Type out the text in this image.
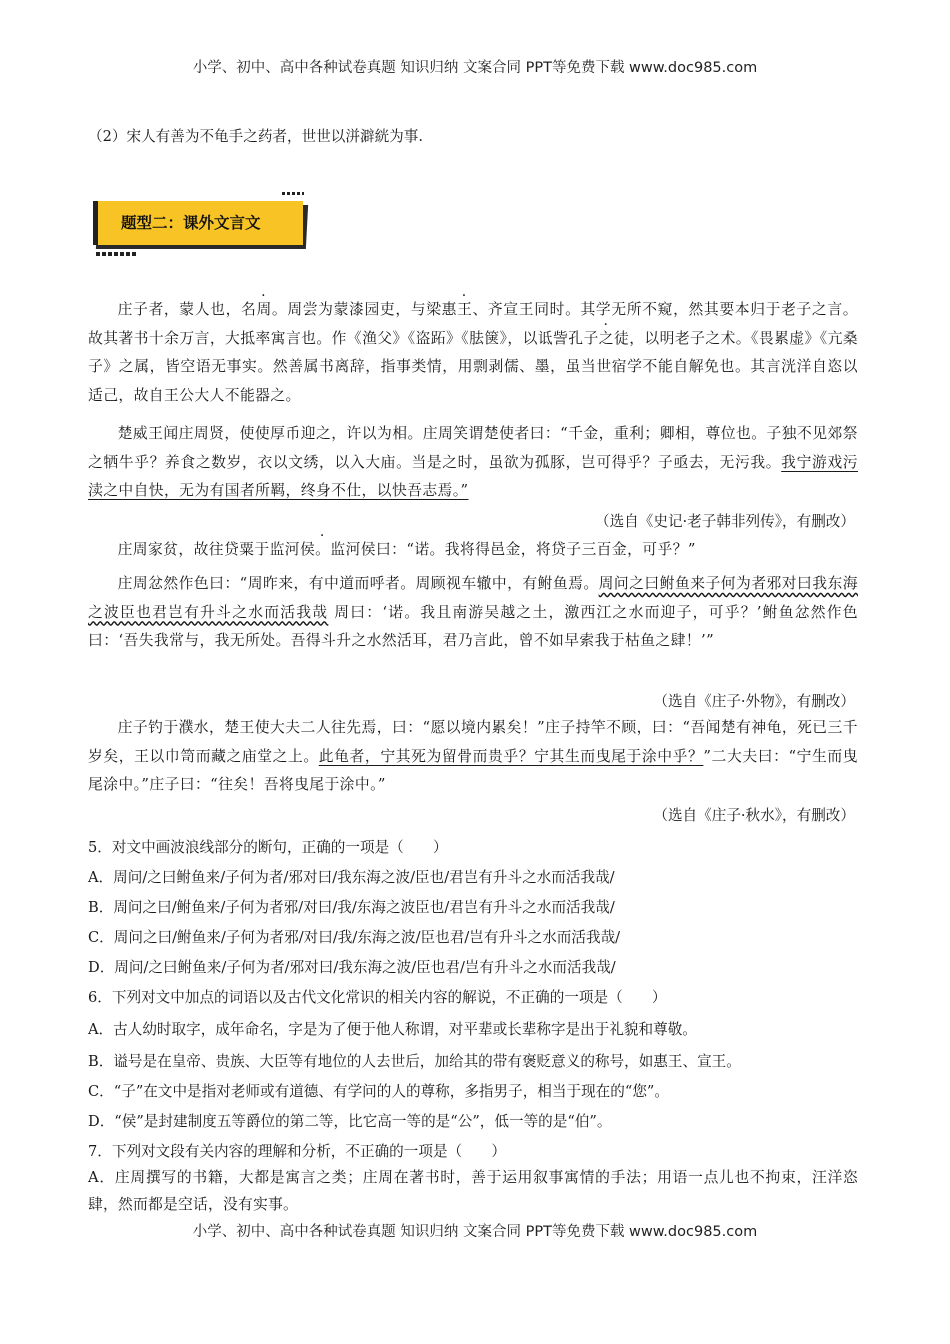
小学、初中、高中各种试卷真题 知识归纳 文案合同 PPT等免费下载 www.doc985.com
（2）宋人有善为不龟手之药者，世世以洴澼絖为事.
题型二：课外文言文
庄子者，蒙人也，名周。周尝为蒙漆园吏，与梁惠王、齐宣王同时。其学无所不窥，然其要本归于老子之言。故其著书十余万言，大抵率寓言也。作《渔父》《盗跖》《胠箧》，以诋訾孔子之徒，以明老子之术。《畏累虚》《亢桑子》之属，皆空语无事实。然善属书离辞，指事类情，用剽剥儒、墨，虽当世宿学不能自解免也。其言洸洋自恣以适己，故自王公大人不能器之。
楚威王闻庄周贤，使使厚币迎之，许以为相。庄周笑谓楚使者曰：“千金，重利；卿相，尊位也。子独不见郊祭之牺牛乎？养食之数岁，衣以文绣，以入大庙。当是之时，虽欲为孤豚，岂可得乎？子亟去，无污我。我宁游戏污渎之中自快，无为有国者所羁，终身不仕，以快吾志焉。”
（选自《史记·老子韩非列传》，有删改）
庄周家贫，故往贷粟于监河侯。监河侯曰：“诺。我将得邑金，将贷子三百金，可乎？”
庄周忿然作色曰：“周昨来，有中道而呼者。周顾视车辙中，有鲋鱼焉。周问之曰鲋鱼来子何为者邪对曰我东海之波臣也君岂有升斗之水而活我哉 周曰：‘诺。我且南游吴越之土，激西江之水而迎子，可乎？’鲋鱼忿然作色曰：‘吾失我常与，我无所处。吾得斗升之水然活耳，君乃言此，曾不如早索我于枯鱼之肆！’”
（选自《庄子·外物》，有删改）
庄子钓于濮水，楚王使大夫二人往先焉，曰：“愿以境内累矣！”庄子持竿不顾，曰：“吾闻楚有神龟，死已三千岁矣，王以巾笥而藏之庙堂之上。此龟者，宁其死为留骨而贵乎？宁其生而曳尾于涂中乎？”二大夫曰：“宁生而曳尾涂中。”庄子曰：“往矣！吾将曳尾于涂中。”
（选自《庄子·秋水》，有删改）
5．对文中画波浪线部分的断句，正确的一项是（　　）
A．周问/之曰鲋鱼来/子何为者/邪对曰/我东海之波/臣也/君岂有升斗之水而活我哉/
B．周问之曰/鲋鱼来/子何为者邪/对曰/我/东海之波臣也/君岂有升斗之水而活我哉/
C．周问之曰/鲋鱼来/子何为者邪/对曰/我/东海之波/臣也君/岂有升斗之水而活我哉/
D．周问/之曰鲋鱼来/子何为者/邪对曰/我东海之波/臣也君/岂有升斗之水而活我哉/
6．下列对文中加点的词语以及古代文化常识的相关内容的解说，不正确的一项是（　　）
A．古人幼时取字，成年命名，字是为了便于他人称谓，对平辈或长辈称字是出于礼貌和尊敬。
B．谥号是在皇帝、贵族、大臣等有地位的人去世后，加给其的带有褒贬意义的称号，如惠王、宣王。
C．“子”在文中是指对老师或有道德、有学问的人的尊称，多指男子，相当于现在的“您”。
D．“侯”是封建制度五等爵位的第二等，比它高一等的是“公”，低一等的是“伯”。
7．下列对文段有关内容的理解和分析，不正确的一项是（　　）
A．庄周撰写的书籍，大都是寓言之类；庄周在著书时，善于运用叙事寓情的手法；用语一点儿也不拘束，汪洋恣肆，然而都是空话，没有实事。
小学、初中、高中各种试卷真题 知识归纳 文案合同 PPT等免费下载 www.doc985.com
